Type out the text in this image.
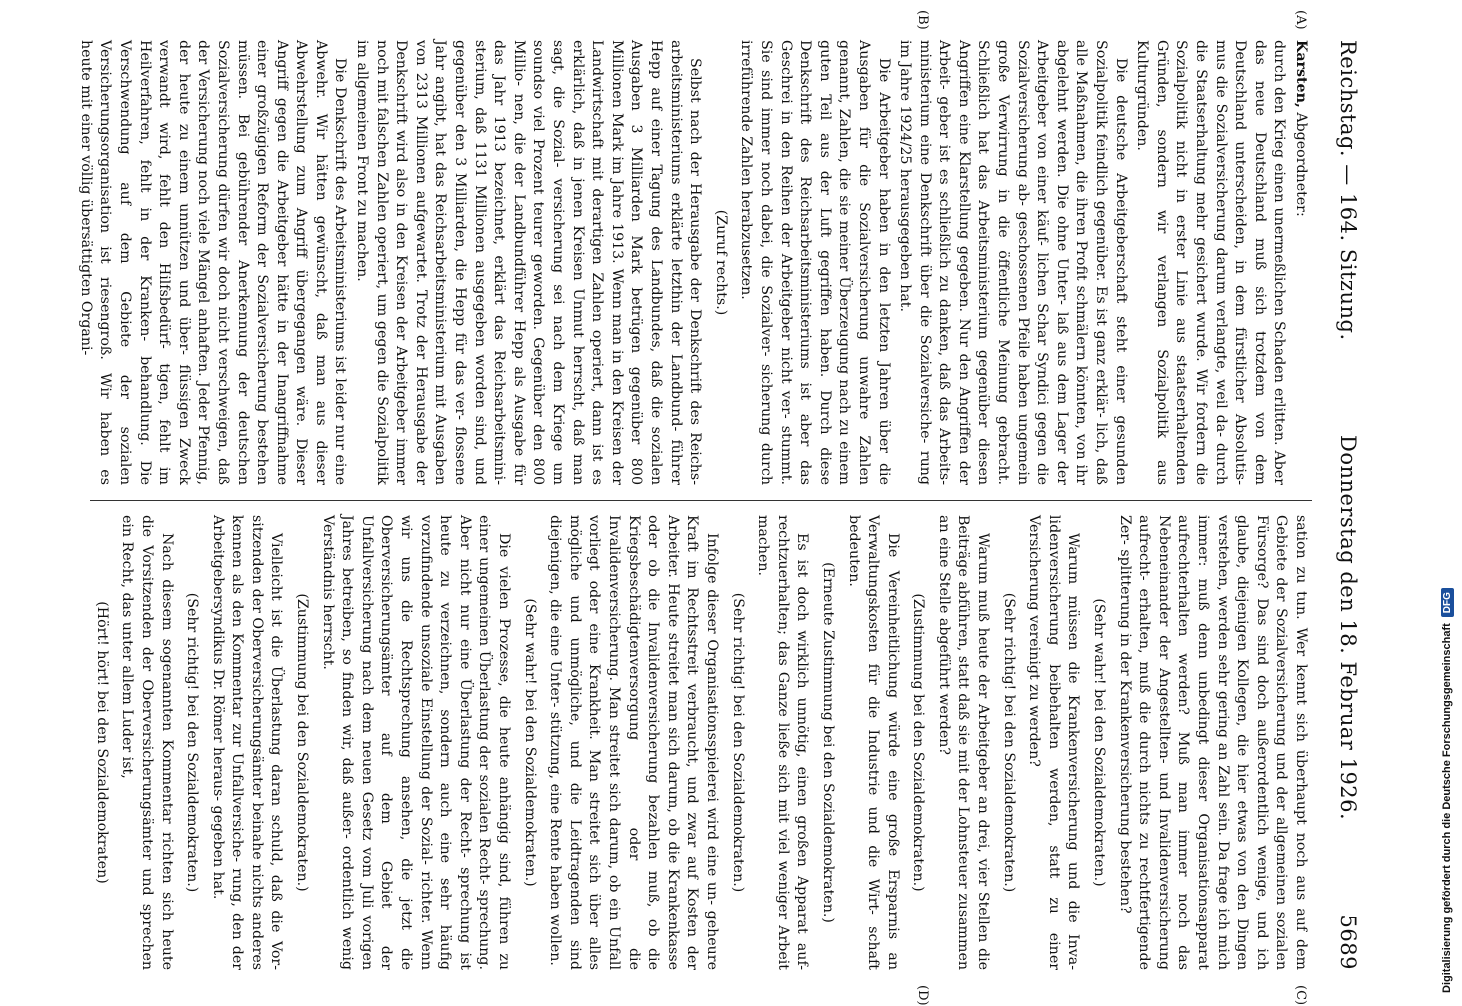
Reichstag. — 164. Sitzung.
Donnerstag den 18. Februar 1926.
5689
(A)
(B)
(C)
(D)

Karsten, Abgeordneter:

durch den Krieg einen unermeßlichen Schaden erlitten. Aber das neue Deutschland muß sich trotzdem von dem Deutschland unterscheiden, in dem fürstlicher Absolutis- mus die Sozialversicherung darum verlangte, weil da- durch die Staatserhaltung mehr gesichert wurde. Wir fordern die Sozialpolitik nicht in erster Linie aus staatserhaltenden Gründen, sondern wir verlangen Sozialpolitik aus Kulturgründen.

Die deutsche Arbeitgeberschaft steht einer gesunden Sozialpolitik feindlich gegenüber. Es ist ganz erklär- lich, daß alle Maßnahmen, die ihren Profit schmälern könnten, von ihr abgelehnt werden. Die ohne Unter- laß aus dem Lager der Arbeitgeber von einer käuf- lichen Schar Syndici gegen die Sozialversicherung ab- geschossenen Pfeile haben ungemein große Verwirrung in die öffentliche Meinung gebracht. Schließlich hat das Arbeitsministerium gegenüber diesen Angriffen eine Klarstellung gegeben. Nur den Angriffen der Arbeit- geber ist es schließlich zu danken, daß das Arbeits- ministerium eine Denkschrift über die Sozialversiche- rung im Jahre 1924/25 herausgegeben hat.

Die Arbeitgeber haben in den letzten Jahren über die Ausgaben für die Sozialversicherung unwahre Zahlen genannt, Zahlen, die sie meiner Überzeugung nach zu einem guten Teil aus der Luft gegriffen haben. Durch diese Denkschrift des Reichsarbeitsministeriums ist aber das Geschrei in den Reihen der Arbeitgeber nicht ver- stummt. Sie sind immer noch dabei, die Sozialver- sicherung durch irreführende Zahlen herabzusetzen.

(Zuruf rechts.)

Selbst nach der Herausgabe der Denkschrift des Reichs- arbeitsministeriums erklärte letzthin der Landbund- führer Hepp auf einer Tagung des Landbundes, daß die sozialen Ausgaben 3 Milliarden Mark betrügen gegenüber 800 Millionen Mark im Jahre 1913. Wenn man in den Kreisen der Landwirtschaft mit derartigen Zahlen operiert, dann ist es erklärlich, daß in jenen Kreisen Unmut herrscht, daß man sagt, die Sozial- versicherung sei nach dem Kriege um soundso viel Prozent teurer geworden. Gegenüber den 800 Millio- nen, die der Landbundführer Hepp als Ausgabe für das Jahr 1913 bezeichnet, erklärt das Reichsarbeitsmini- sterium, daß 1131 Millionen ausgegeben worden sind, und gegenüber den 3 Milliarden, die Hepp für das ver- flossene Jahr angibt, hat das Reichsarbeitsministerium mit Ausgaben von 2313 Millionen aufgewartet. Trotz der Herausgabe der Denkschrift wird also in den Kreisen der Arbeitgeber immer noch mit falschen Zahlen operiert, um gegen die Sozialpolitik im allgemeinen Front zu machen.

Die Denkschrift des Arbeitsministeriums ist leider nur eine Abwehr. Wir hätten gewünscht, daß man aus dieser Abwehrstellung zum Angriff übergegangen wäre. Dieser Angriff gegen die Arbeitgeber hätte in der Inangriffnahme einer großzügigen Reform der Sozialversicherung bestehen müssen. Bei gebührender Anerkennung der deutschen Sozialversicherung dürfen wir doch nicht verschweigen, daß der Versicherung noch viele Mängel anhaften. Jeder Pfennig, der heute zu einem unnützen und über- flüssigen Zweck verwandt wird, fehlt den Hilfsbedürf- tigen, fehlt im Heilverfahren, fehlt in der Kranken- behandlung. Die Verschwendung auf dem Gebiete der sozialen Versicherungsorganisation ist riesengroß. Wir haben es heute mit einer völlig übersättigten Organi-

sation zu tun. Wer kennt sich überhaupt noch aus auf dem Gebiete der Sozialversicherung und der allgemeinen sozialen Fürsorge? Das sind doch außerordentlich wenige, und ich glaube, diejenigen Kollegen, die hier etwas von den Dingen verstehen, werden sehr gering an Zahl sein. Da frage ich mich immer: muß denn unbedingt dieser Organisationsapparat aufrechterhalten werden? Muß man immer noch das Nebeneinander der Angestellten- und Invalidenversicherung aufrecht- erhalten, muß die durch nichts zu rechtfertigende Zer- splitterung in der Krankenversicherung bestehen?

(Sehr wahr! bei den Sozialdemokraten.)

Warum müssen die Krankenversicherung und die Inva- lidenversicherung beibehalten werden, statt zu einer Versicherung vereinigt zu werden?

(Sehr richtig! bei den Sozialdemokraten.)

Warum muß heute der Arbeitgeber an drei, vier Stellen die Beiträge abführen, statt daß sie mit der Lohnsteuer zusammen an eine Stelle abgeführt werden?

(Zustimmung bei den Sozialdemokraten.)

Die Vereinheitlichung würde eine große Ersparnis an Verwaltungskosten für die Industrie und die Wirt- schaft bedeuten.

(Erneute Zustimmung bei den Sozialdemokraten.)

Es ist doch wirklich unnötig, einen großen Apparat auf- rechtzuerhalten; das Ganze ließe sich mit viel weniger Arbeit machen.

(Sehr richtig! bei den Sozialdemokraten.)

Infolge dieser Organisationsspielerei wird eine un- geheure Kraft im Rechtsstreit verbraucht, und zwar auf Kosten der Arbeiter. Heute streitet man sich darum, ob die Krankenkasse oder ob die Invalidenversicherung bezahlen muß, ob die Kriegsbeschädigtenversorgung oder die Invalidenversicherung. Man streitet sich darum, ob ein Unfall vorliegt oder eine Krankheit. Man streitet sich über alles mögliche und unmögliche, und die Leidtragenden sind diejenigen, die eine Unter- stützung, eine Rente haben wollen.

(Sehr wahr! bei den Sozialdemokraten.)

Die vielen Prozesse, die heute anhängig sind, führen zu einer ungemeinen Überlastung der sozialen Recht- sprechung. Aber nicht nur eine Überlastung der Recht- sprechung ist heute zu verzeichnen, sondern auch eine sehr häufig vorzufindende unsoziale Einstellung der Sozial- richter. Wenn wir uns die Rechtsprechung ansehen, die jetzt die Oberversicherungsämter auf dem Gebiet der Unfallversicherung nach dem neuen Gesetz vom Juli vorigen Jahres betreiben, so finden wir, daß außer- ordentlich wenig Verständnis herrscht.

(Zustimmung bei den Sozialdemokraten.)

Vielleicht ist die Überlastung daran schuld, daß die Vor- sitzenden der Oberversicherungsämter beinahe nichts anderes kennen als den Kommentar zur Unfallversiche- rung, den der Arbeitgebersyndikus Dr. Römer heraus- gegeben hat.

(Sehr richtig! bei den Sozialdemokraten.)

Nach diesem sogenannten Kommentar richten sich heute die Vorsitzenden der Oberversicherungsämter und sprechen ein Recht, das unter allem Luder ist,

(Hört! hört! bei den Sozialdemokraten)	Digitalisierung gefördert durch die Deutsche Forschungsgemeinschaft
DFG
